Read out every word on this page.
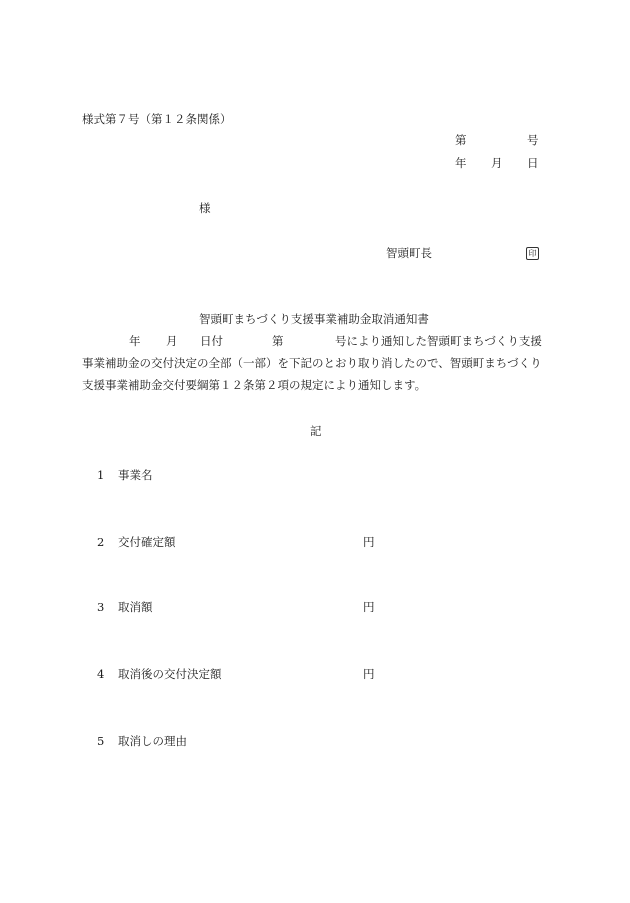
様式第７号（第１２条関係）
第	号
年 月 日
様
智頭町長	印
智頭町まちづくり支援事業補助金取消通知書
年 月 日付	第	号により通知した智頭町まちづくり支援
事業補助金の交付決定の全部（一部）を下記のとおり取り消したので、智頭町まちづくり
支援事業補助金交付要綱第１２条第２項の規定により通知します。
記
1 事業名
2 交付確定額	円
3 取消額	円
4 取消後の交付決定額	円
5 取消しの理由
